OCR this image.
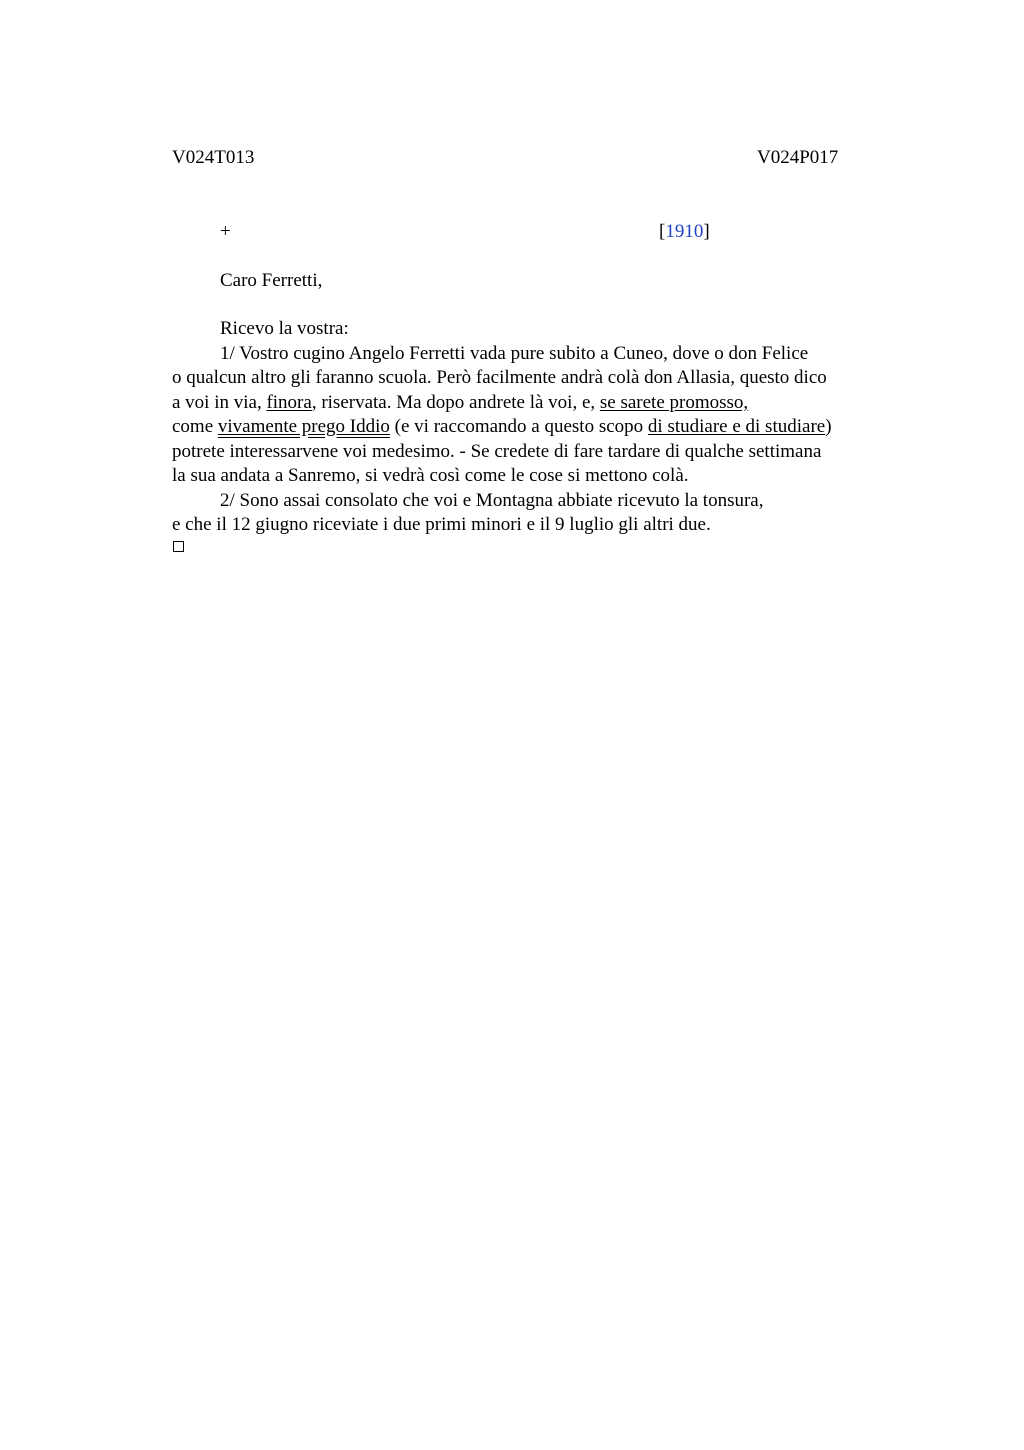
V024T013	V024P017
+	[1910]
Caro Ferretti,
Ricevo la vostra:
1/ Vostro cugino Angelo Ferretti vada pure subito a Cuneo, dove o don Felice
o qualcun altro gli faranno scuola. Però facilmente andrà colà don Allasia, questo dico
a voi in via, finora, riservata. Ma dopo andrete là voi, e, se sarete promosso,
come vivamente prego Iddio (e vi raccomando a questo scopo di studiare e di studiare)
potrete interessarvene voi medesimo. - Se credete di fare tardare di qualche settimana
la sua andata a Sanremo, si vedrà così come le cose si mettono colà.
2/ Sono assai consolato che voi e Montagna abbiate ricevuto la tonsura,
e che il 12 giugno riceviate i due primi minori e il 9 luglio gli altri due.
